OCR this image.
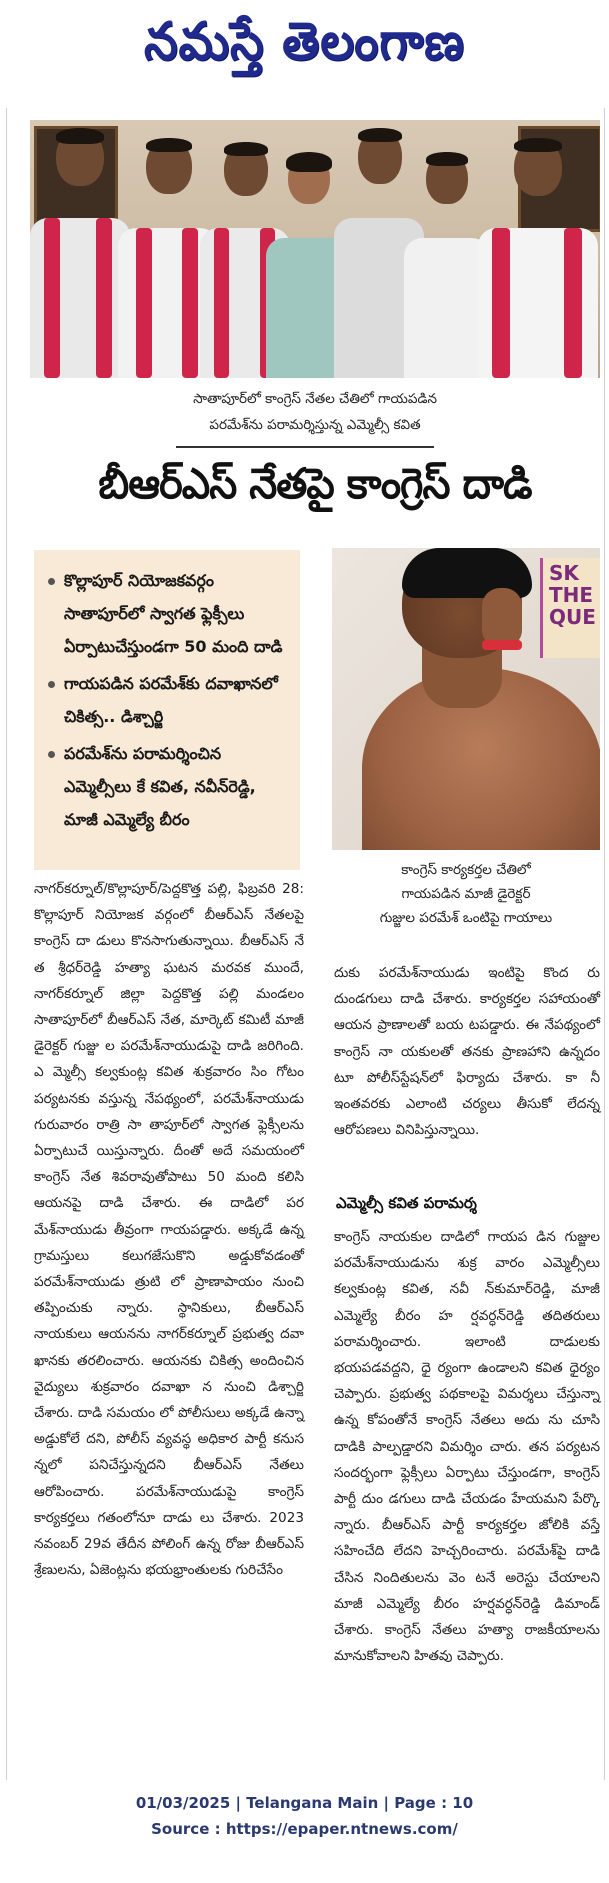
నమస్తే తెలంగాణ
సాతాపూర్‌లో కాంగ్రెస్ నేతల చేతిలో గాయపడిన
పరమేశ్‌ను పరామర్శిస్తున్న ఎమ్మెల్సీ కవిత
బీఆర్‌ఎస్ నేతపై కాంగ్రెస్ దాడి
కొల్లాపూర్ నియోజకవర్గం సాతాపూర్‌లో స్వాగత ఫ్లెక్సీలు ఏర్పాటుచేస్తుండగా 50 మంది దాడి
గాయపడిన పరమేశ్‌కు దవాఖానలో చికిత్స.. డిశ్చార్జి
పరమేశ్‌ను పరామర్శించిన ఎమ్మెల్సీలు కే కవిత, నవీన్‌రెడ్డి, మాజీ ఎమ్మెల్యే బీరం
SK THE QUE
కాంగ్రెస్ కార్యకర్తల చేతిలో
గాయపడిన మాజీ డైరెక్టర్
గుజ్జుల పరమేశ్ ఒంటిపై గాయాలు
నాగర్‌కర్నూల్/కొల్లాపూర్/పెద్దకొత్త పల్లి, ఫిబ్రవరి 28: కొల్లాపూర్ నియోజక వర్గంలో బీఆర్‌ఎస్ నేతలపై కాంగ్రెస్ దా డులు కొనసాగుతున్నాయి. బీఆర్‌ఎస్ నే త శ్రీధర్‌రెడ్డి హత్యా ఘటన మరవక ముందే, నాగర్‌కర్నూల్ జిల్లా పెద్దకొత్త పల్లి మండలం సాతాపూర్‌లో బీఆర్‌ఎస్ నేత, మార్కెట్ కమిటీ మాజీ డైరెక్టర్ గుజ్జు ల పరమేశ్‌నాయుడుపై దాడి జరిగింది. ఎ మ్మెల్సీ కల్వకుంట్ల కవిత శుక్రవారం సిం గోటం పర్యటనకు వస్తున్న నేపథ్యంలో, పరమేశ్‌నాయుడు గురువారం రాత్రి సా తాపూర్‌లో స్వాగత ఫ్లెక్సీలను ఏర్పాటుచే యిస్తున్నారు. దీంతో అదే సమయంలో కాంగ్రెస్ నేత శివరావుతోపాటు 50 మంది కలిసి ఆయనపై దాడి చేశారు. ఈ దాడిలో పర మేశ్‌నాయుడు తీవ్రంగా గాయపడ్డారు. అక్కడే ఉన్న గ్రామస్తులు కలుగజేసుకొని అడ్డుకోవడంతో పరమేశ్‌నాయుడు త్రుటి లో ప్రాణాపాయం నుంచి తప్పించుకు న్నారు. స్థానికులు, బీఆర్‌ఎస్ నాయకులు ఆయనను నాగర్‌కర్నూల్ ప్రభుత్వ దవా ఖానకు తరలించారు. ఆయనకు చికిత్స అందించిన వైద్యులు శుక్రవారం దవాఖా న నుంచి డిశ్చార్జి చేశారు. దాడి సమయం లో పోలీసులు అక్కడే ఉన్నా అడ్డుకోలే దని, పోలీస్ వ్యవస్థ అధికార పార్టీ కనుస న్నలో పనిచేస్తున్నదని బీఆర్‌ఎస్ నేతలు ఆరోపించారు. పరమేశ్‌నాయుడుపై కాంగ్రెస్ కార్యకర్తలు గతంలోనూ దాడు లు చేశారు. 2023 నవంబర్ 29వ తేదీన పోలింగ్ ఉన్న రోజు బీఆర్‌ఎస్ శ్రేణులను, ఏజెంట్లను భయభ్రాంతులకు గురిచేసేం
దుకు పరమేశ్‌నాయుడు ఇంటిపై కొంద రు దుండగులు దాడి చేశారు. కార్యకర్తల సహాయంతో ఆయన ప్రాణాలతో బయ టపడ్డారు. ఈ నేపథ్యంలో కాంగ్రెస్ నా యకులతో తనకు ప్రాణహాని ఉన్నదం టూ పోలీస్‌స్టేషన్‌లో ఫిర్యాదు చేశారు. కా నీ ఇంతవరకు ఎలాంటి చర్యలు తీసుకో లేదన్న ఆరోపణలు వినిపిస్తున్నాయి.
ఎమ్మెల్సీ కవిత పరామర్శ
కాంగ్రెస్ నాయకుల దాడిలో గాయప డిన గుజ్జుల పరమేశ్‌నాయుడును శుక్ర వారం ఎమ్మెల్సీలు కల్వకుంట్ల కవిత, నవీ న్‌కుమార్‌రెడ్డి, మాజీ ఎమ్మెల్యే బీరం హ ర్షవర్ధన్‌రెడ్డి తదితరులు పరామర్శించారు. ఇలాంటి దాడులకు భయపడవద్దని, ధై ర్యంగా ఉండాలని కవిత ధైర్యం చెప్పారు. ప్రభుత్వ పథకాలపై విమర్శలు చేస్తున్నా ఉన్న కోపంతోనే కాంగ్రెస్ నేతలు అదు ను చూసి దాడికి పాల్పడ్డారని విమర్శిం చారు. తన పర్యటన సందర్భంగా ఫ్లెక్సీలు ఏర్పాటు చేస్తుండగా, కాంగ్రెస్ పార్టీ దుం డగులు దాడి చేయడం హేయమని పేర్కొ న్నారు. బీఆర్‌ఎస్ పార్టీ కార్యకర్తల జోలికి వస్తే సహించేది లేదని హెచ్చరించారు. పరమేశ్‌పై దాడి చేసిన నిందితులను వెం టనే అరెస్టు చేయాలని మాజీ ఎమ్మెల్యే బీరం హర్షవర్ధన్‌రెడ్డి డిమాండ్ చేశారు. కాంగ్రెస్ నేతలు హత్యా రాజకీయాలను మానుకోవాలని హితవు చెప్పారు.
01/03/2025 | Telangana Main | Page : 10
Source : https://epaper.ntnews.com/
